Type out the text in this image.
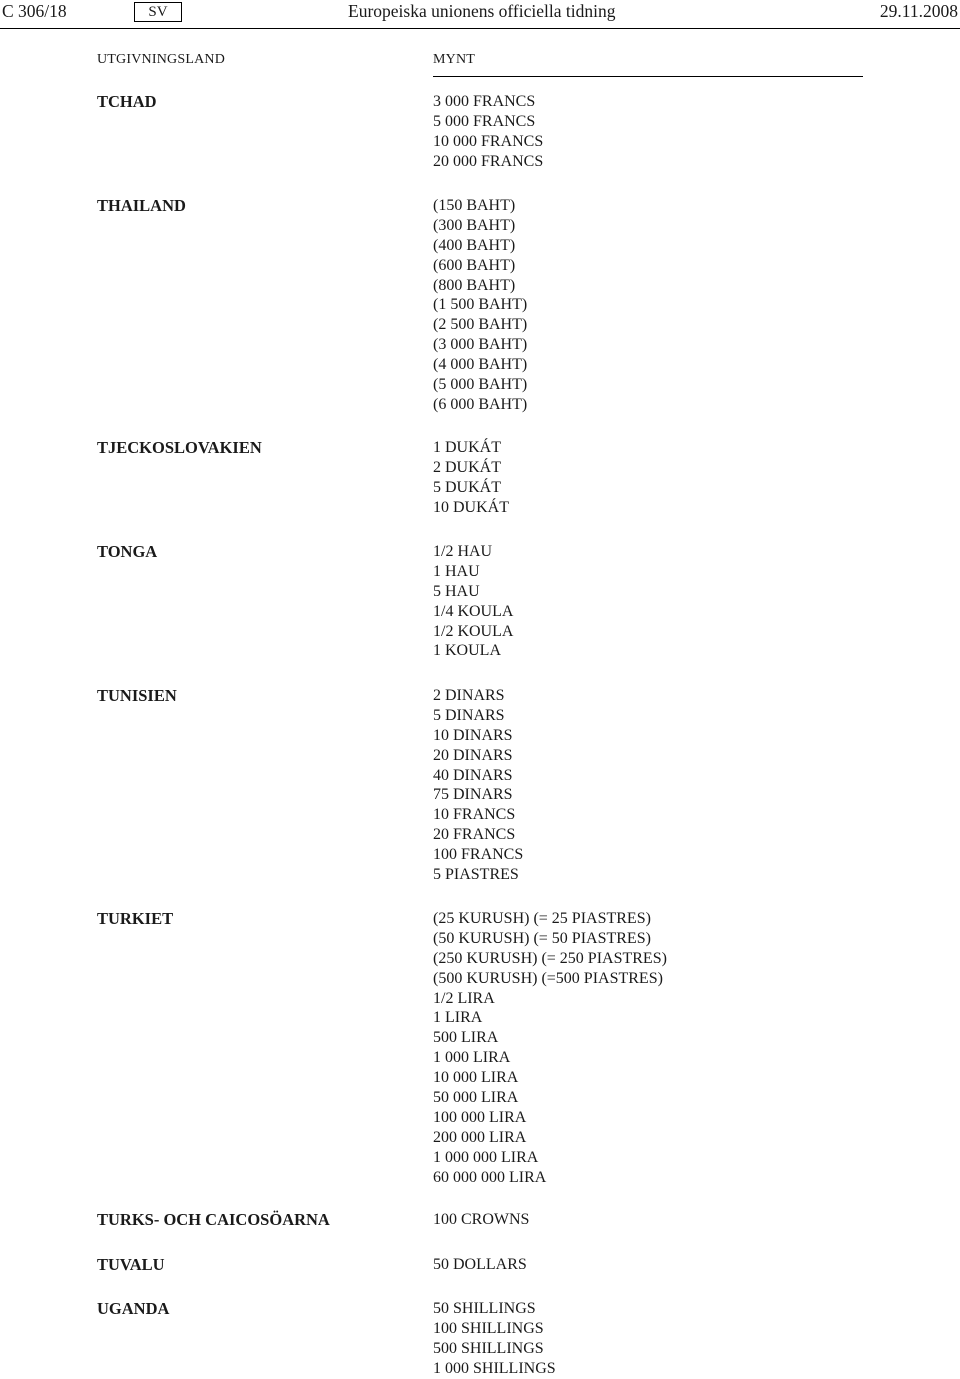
C 306/18	SV	Europeiska unionens officiella tidning	29.11.2008
UTGIVNINGSLAND	MYNT
TCHAD	3 000 FRANCS
5 000 FRANCS
10 000 FRANCS
20 000 FRANCS
THAILAND	(150 BAHT)
(300 BAHT)
(400 BAHT)
(600 BAHT)
(800 BAHT)
(1 500 BAHT)
(2 500 BAHT)
(3 000 BAHT)
(4 000 BAHT)
(5 000 BAHT)
(6 000 BAHT)
TJECKOSLOVAKIEN	1 DUKÁT
2 DUKÁT
5 DUKÁT
10 DUKÁT
TONGA	1/2 HAU
1 HAU
5 HAU
1/4 KOULA
1/2 KOULA
1 KOULA
TUNISIEN	2 DINARS
5 DINARS
10 DINARS
20 DINARS
40 DINARS
75 DINARS
10 FRANCS
20 FRANCS
100 FRANCS
5 PIASTRES
TURKIET	(25 KURUSH) (= 25 PIASTRES)
(50 KURUSH) (= 50 PIASTRES)
(250 KURUSH) (= 250 PIASTRES)
(500 KURUSH) (=500 PIASTRES)
1/2 LIRA
1 LIRA
500 LIRA
1 000 LIRA
10 000 LIRA
50 000 LIRA
100 000 LIRA
200 000 LIRA
1 000 000 LIRA
60 000 000 LIRA
TURKS- OCH CAICOSÖARNA	100 CROWNS
TUVALU	50 DOLLARS
UGANDA	50 SHILLINGS
100 SHILLINGS
500 SHILLINGS
1 000 SHILLINGS
